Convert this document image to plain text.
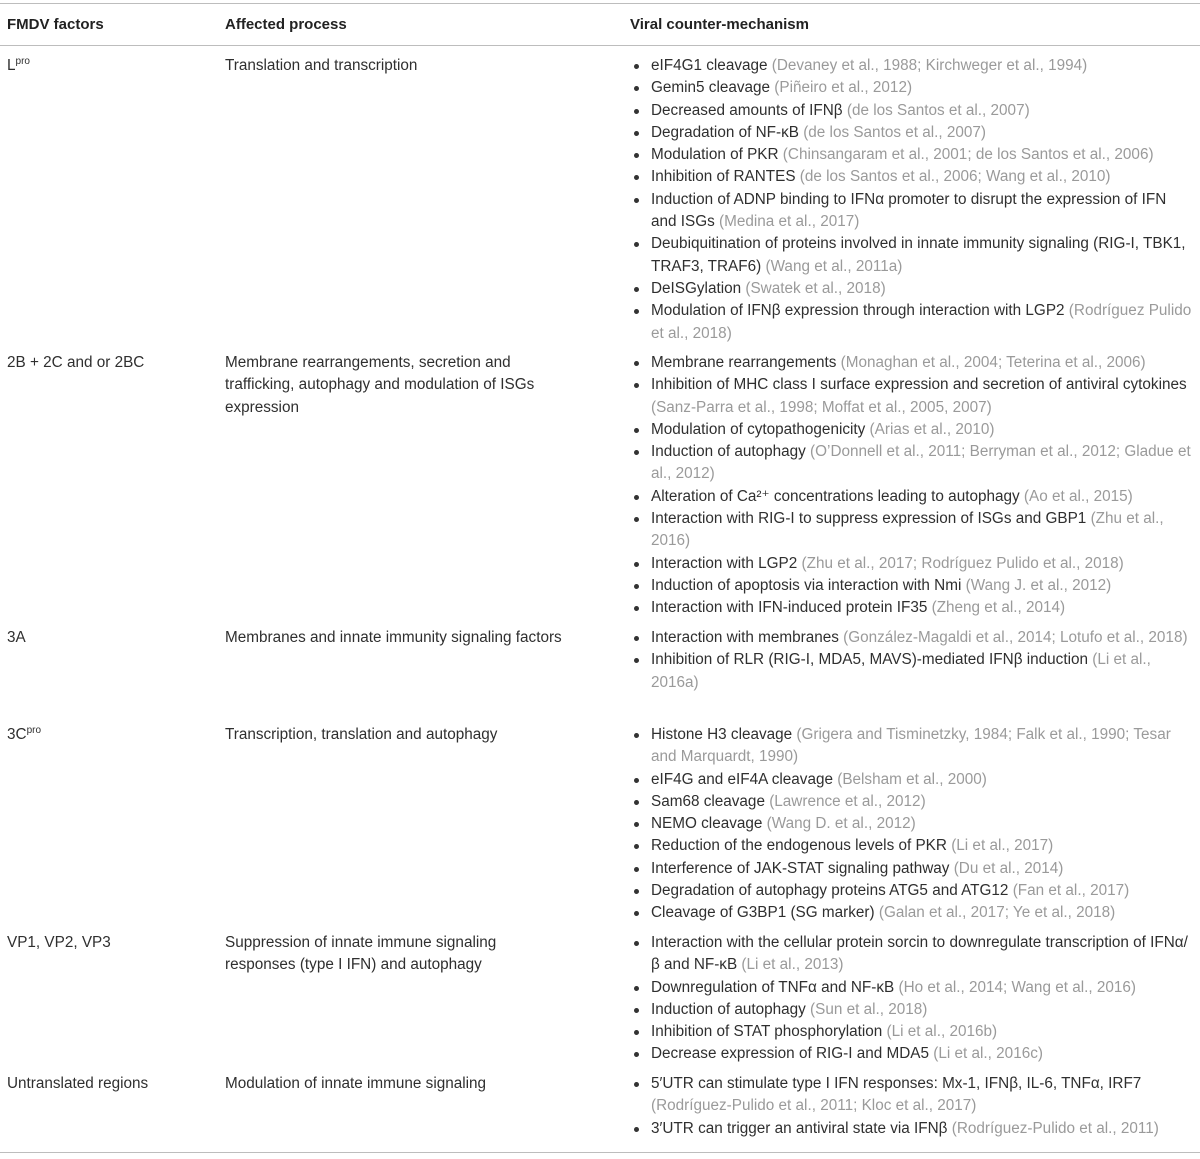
FMDV factors	Affected process	Viral counter-mechanism
$L^{pro}$	Translation and transcription	eIF4G1 cleavage (Devaney et al., 1988; Kirchweger et al., 1994)
Gemin5 cleavage (Piñeiro et al., 2012)
Decreased amounts of IFNβ (de los Santos et al., 2007)
Degradation of NF-κB (de los Santos et al., 2007)
Modulation of PKR (Chinsangaram et al., 2001; de los Santos et al., 2006)
Inhibition of RANTES (de los Santos et al., 2006; Wang et al., 2010)
Induction of ADNP binding to IFNα promoter to disrupt the expression of IFN and ISGs (Medina et al., 2017)
Deubiquitination of proteins involved in innate immunity signaling (RIG-I, TBK1, TRAF3, TRAF6) (Wang et al., 2011a)
DeISGylation (Swatek et al., 2018)
Modulation of IFNβ expression through interaction with LGP2 (Rodríguez Pulido et al., 2018)
2B + 2C and or 2BC	Membrane rearrangements, secretion and trafficking, autophagy and modulation of ISGs expression
Membrane rearrangements (Monaghan et al., 2004; Teterina et al., 2006)
Inhibition of MHC class I surface expression and secretion of antiviral cytokines (Sanz-Parra et al., 1998; Moffat et al., 2005, 2007)
Modulation of cytopathogenicity (Arias et al., 2010)
Induction of autophagy (O’Donnell et al., 2011; Berryman et al., 2012; Gladue et al., 2012)
Alteration of Ca²⁺ concentrations leading to autophagy (Ao et al., 2015)
Interaction with RIG-I to suppress expression of ISGs and GBP1 (Zhu et al., 2016)
Interaction with LGP2 (Zhu et al., 2017; Rodríguez Pulido et al., 2018)
Induction of apoptosis via interaction with Nmi (Wang J. et al., 2012)
Interaction with IFN-induced protein IF35 (Zheng et al., 2014)
3A	Membranes and innate immunity signaling factors	Interaction with membranes (González-Magaldi et al., 2014; Lotufo et al., 2018)
Inhibition of RLR (RIG-I, MDA5, MAVS)-mediated IFNβ induction (Li et al., 2016a)
$3C^{pro}$	Transcription, translation and autophagy	Histone H3 cleavage (Grigera and Tisminetzky, 1984; Falk et al., 1990; Tesar and Marquardt, 1990)
eIF4G and eIF4A cleavage (Belsham et al., 2000)
Sam68 cleavage (Lawrence et al., 2012)
NEMO cleavage (Wang D. et al., 2012)
Reduction of the endogenous levels of PKR (Li et al., 2017)
Interference of JAK-STAT signaling pathway (Du et al., 2014)
Degradation of autophagy proteins ATG5 and ATG12 (Fan et al., 2017)
Cleavage of G3BP1 (SG marker) (Galan et al., 2017; Ye et al., 2018)
VP1, VP2, VP3	Suppression of innate immune signaling responses (type I IFN) and autophagy
Interaction with the cellular protein sorcin to downregulate transcription of IFNα/β and NF-κB (Li et al., 2013)
Downregulation of TNFα and NF-κB (Ho et al., 2014; Wang et al., 2016)
Induction of autophagy (Sun et al., 2018)
Inhibition of STAT phosphorylation (Li et al., 2016b)
Decrease expression of RIG-I and MDA5 (Li et al., 2016c)
Untranslated regions	Modulation of innate immune signaling	5′UTR can stimulate type I IFN responses: Mx-1, IFNβ, IL-6, TNFα, IRF7 (Rodríguez-Pulido et al., 2011; Kloc et al., 2017)
3′UTR can trigger an antiviral state via IFNβ (Rodríguez-Pulido et al., 2011)
